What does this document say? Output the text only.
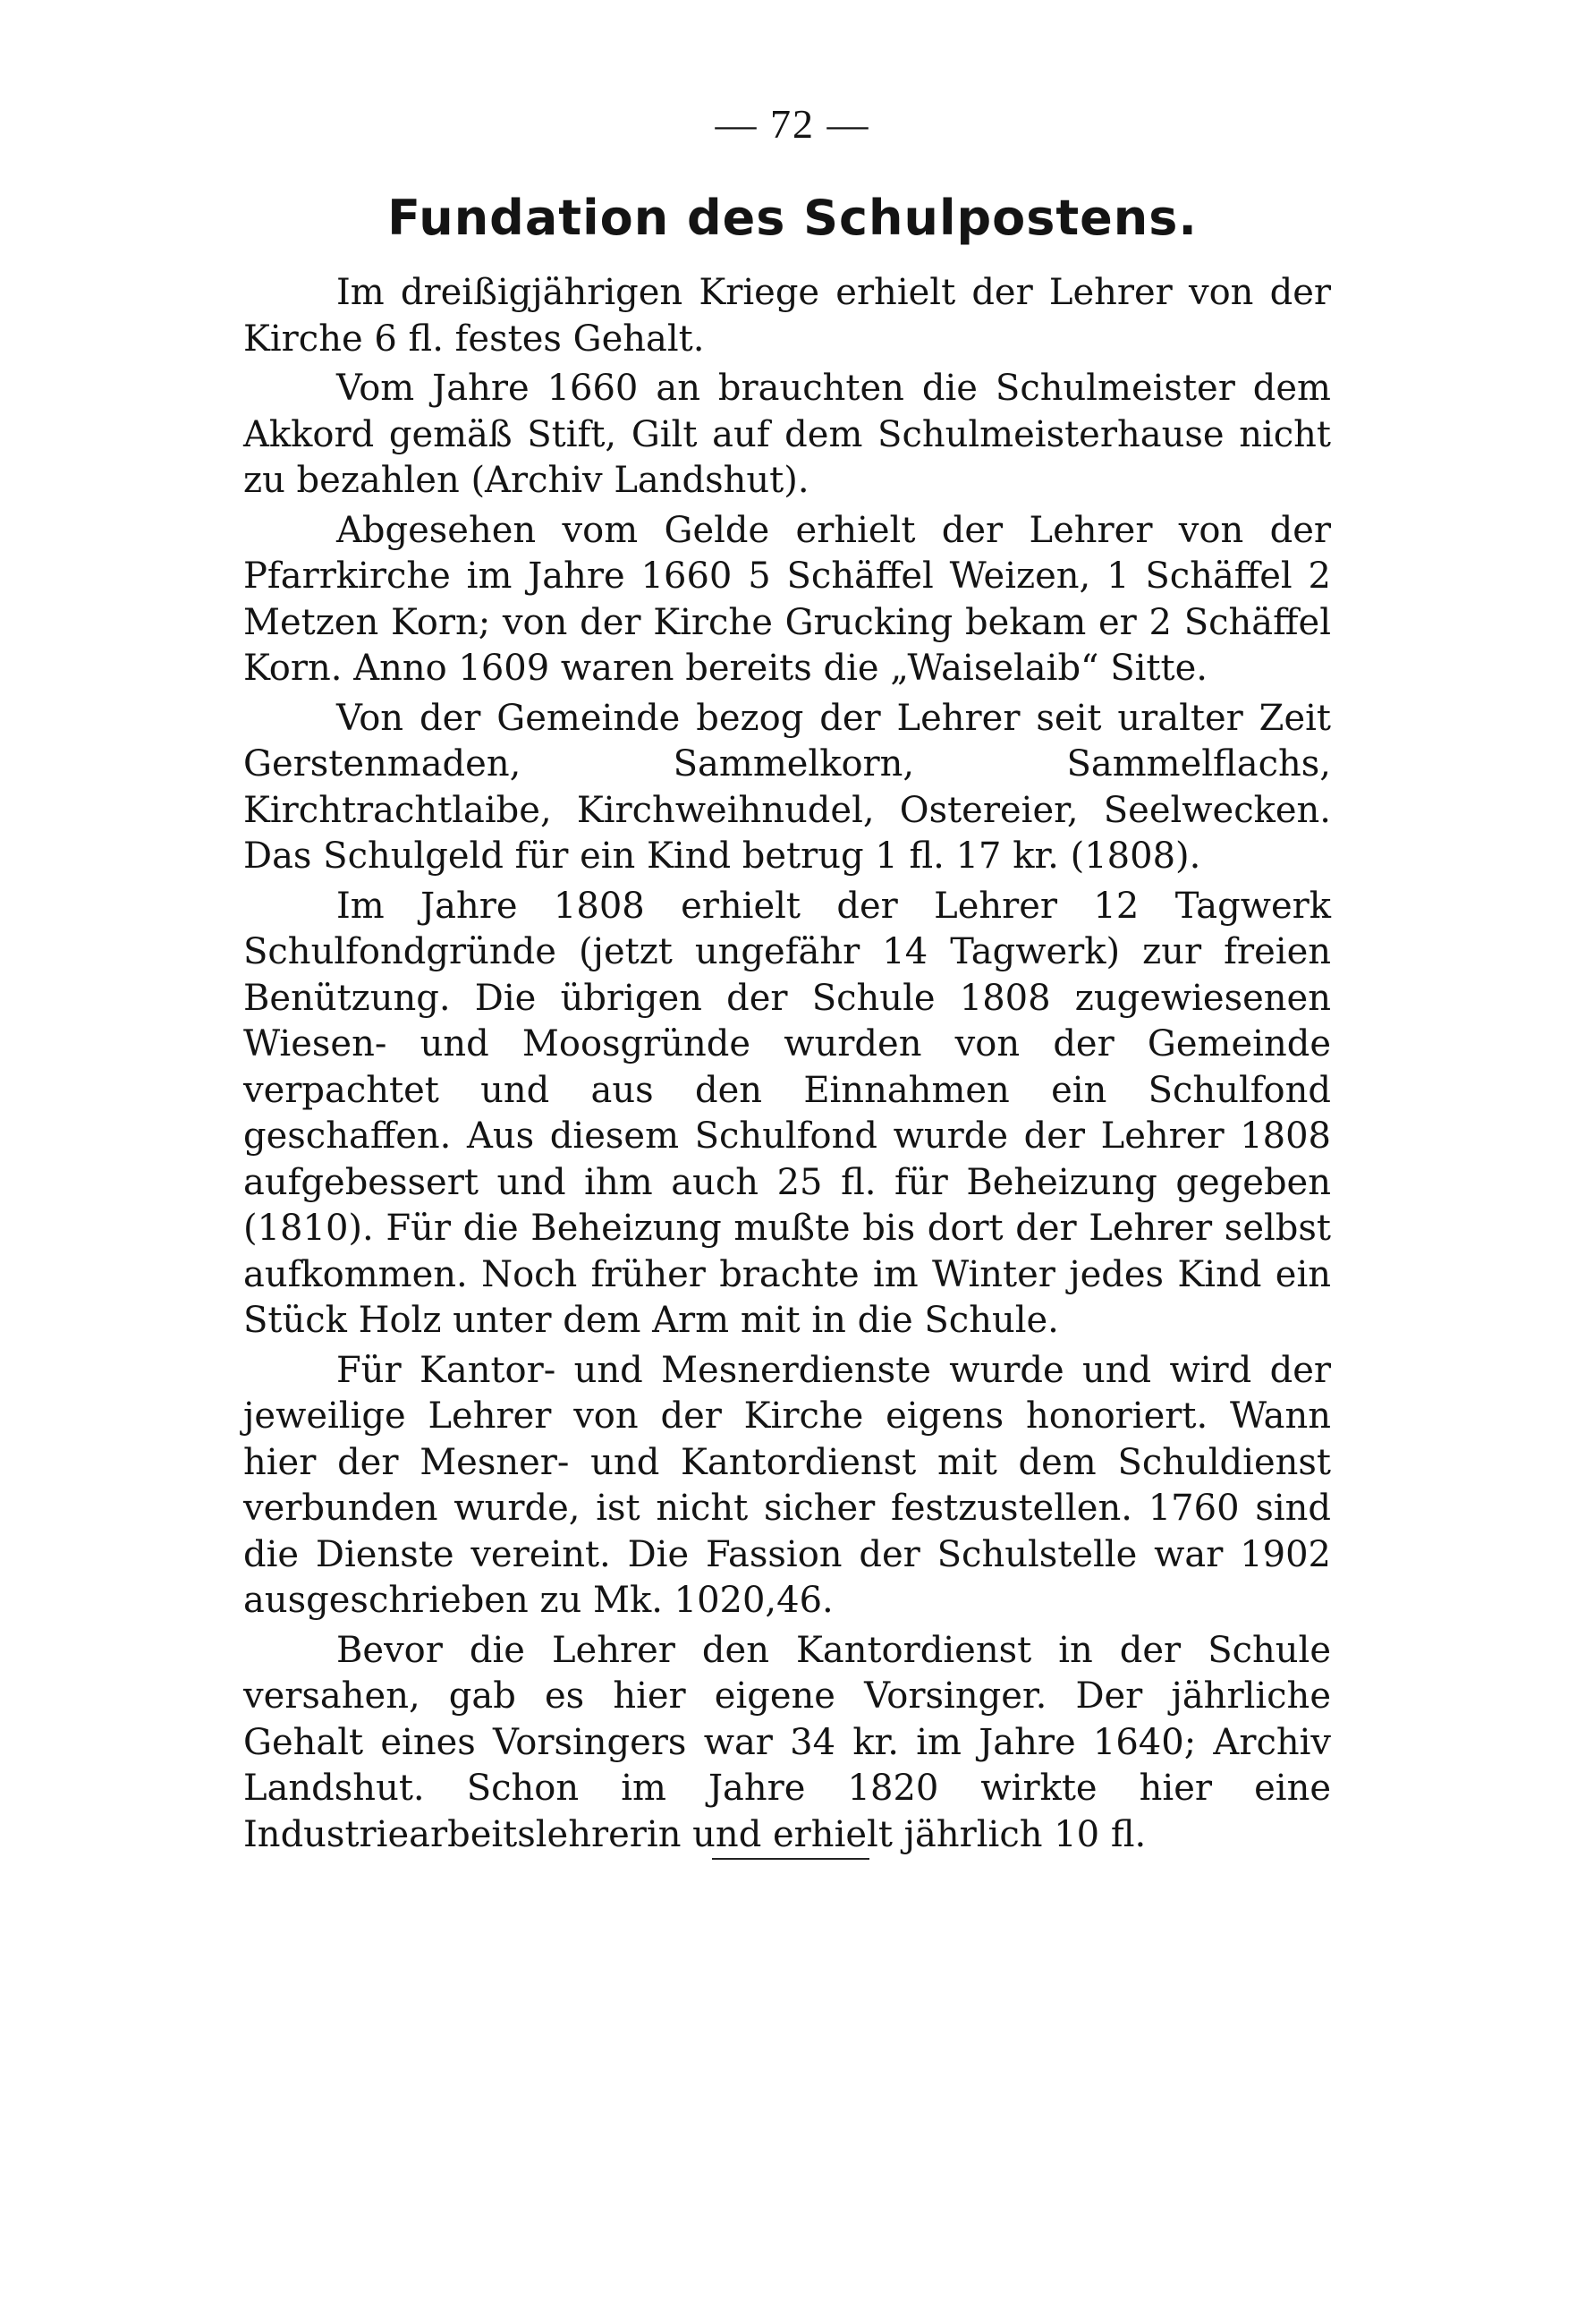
— 72 —
Fundation des Schulpostens.

Im dreißigjährigen Kriege erhielt der Lehrer von der Kirche 6 fl. festes Gehalt.

Vom Jahre 1660 an brauchten die Schulmeister dem Akkord gemäß Stift, Gilt auf dem Schulmeisterhause nicht zu bezahlen (Archiv Landshut).

Abgesehen vom Gelde erhielt der Lehrer von der Pfarrkirche im Jahre 1660 5 Schäffel Weizen, 1 Schäffel 2 Metzen Korn; von der Kirche Grucking bekam er 2 Schäffel Korn. Anno 1609 waren bereits die „Waiselaib“ Sitte.

Von der Gemeinde bezog der Lehrer seit uralter Zeit Gerstenmaden, Sammelkorn, Sammelflachs, Kirchtrachtlaibe, Kirchweihnudel, Ostereier, Seelwecken. Das Schulgeld für ein Kind betrug 1 fl. 17 kr. (1808).

Im Jahre 1808 erhielt der Lehrer 12 Tagwerk Schulfondgründe (jetzt ungefähr 14 Tagwerk) zur freien Benützung. Die übrigen der Schule 1808 zugewiesenen Wiesen- und Moosgründe wurden von der Gemeinde verpachtet und aus den Einnahmen ein Schulfond geschaffen. Aus diesem Schulfond wurde der Lehrer 1808 aufgebessert und ihm auch 25 fl. für Beheizung gegeben (1810). Für die Beheizung mußte bis dort der Lehrer selbst aufkommen. Noch früher brachte im Winter jedes Kind ein Stück Holz unter dem Arm mit in die Schule.

Für Kantor- und Mesnerdienste wurde und wird der jeweilige Lehrer von der Kirche eigens honoriert. Wann hier der Mesner- und Kantordienst mit dem Schuldienst verbunden wurde, ist nicht sicher festzustellen. 1760 sind die Dienste vereint. Die Fassion der Schulstelle war 1902 ausgeschrieben zu Mk. 1020,46.

Bevor die Lehrer den Kantordienst in der Schule versahen, gab es hier eigene Vorsinger. Der jährliche Gehalt eines Vorsingers war 34 kr. im Jahre 1640; Archiv Landshut. Schon im Jahre 1820 wirkte hier eine Industriearbeitslehrerin und erhielt jährlich 10 fl.
